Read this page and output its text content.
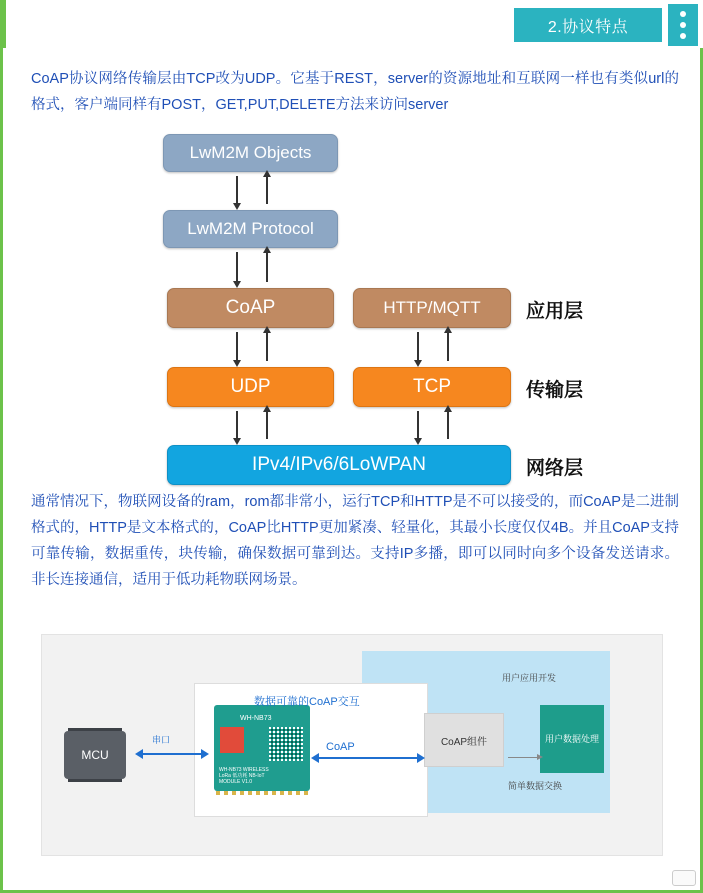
2.协议特点
CoAP协议网络传输层由TCP改为UDP。它基于REST，server的资源地址和互联网一样也有类似url的格式，客户端同样有POST，GET,PUT,DELETE方法来访问server
LwM2M Objects
LwM2M Protocol
CoAP	HTTP/MQTT
UDP	TCP
IPv4/IPv6/6LoWPAN
应用层
传输层
网络层
通常情况下，物联网设备的ram，rom都非常小，运行TCP和HTTP是不可以接受的，而CoAP是二进制格式的，HTTP是文本格式的，CoAP比HTTP更加紧凑、轻量化，其最小长度仅仅4B。并且CoAP支持可靠传输，数据重传，块传输，确保数据可靠到达。支持IP多播，即可以同时向多个设备发送请求。非长连接通信，适用于低功耗物联网场景。
用户应用开发
MCU
WH-NB73
WH-NB73 WIRELESS LoRa 低功耗 NB-IoT MODULE V1.0
CoAP组件	用户数据处理
数据可靠的CoAP交互
串口
CoAP
简单数据交换
